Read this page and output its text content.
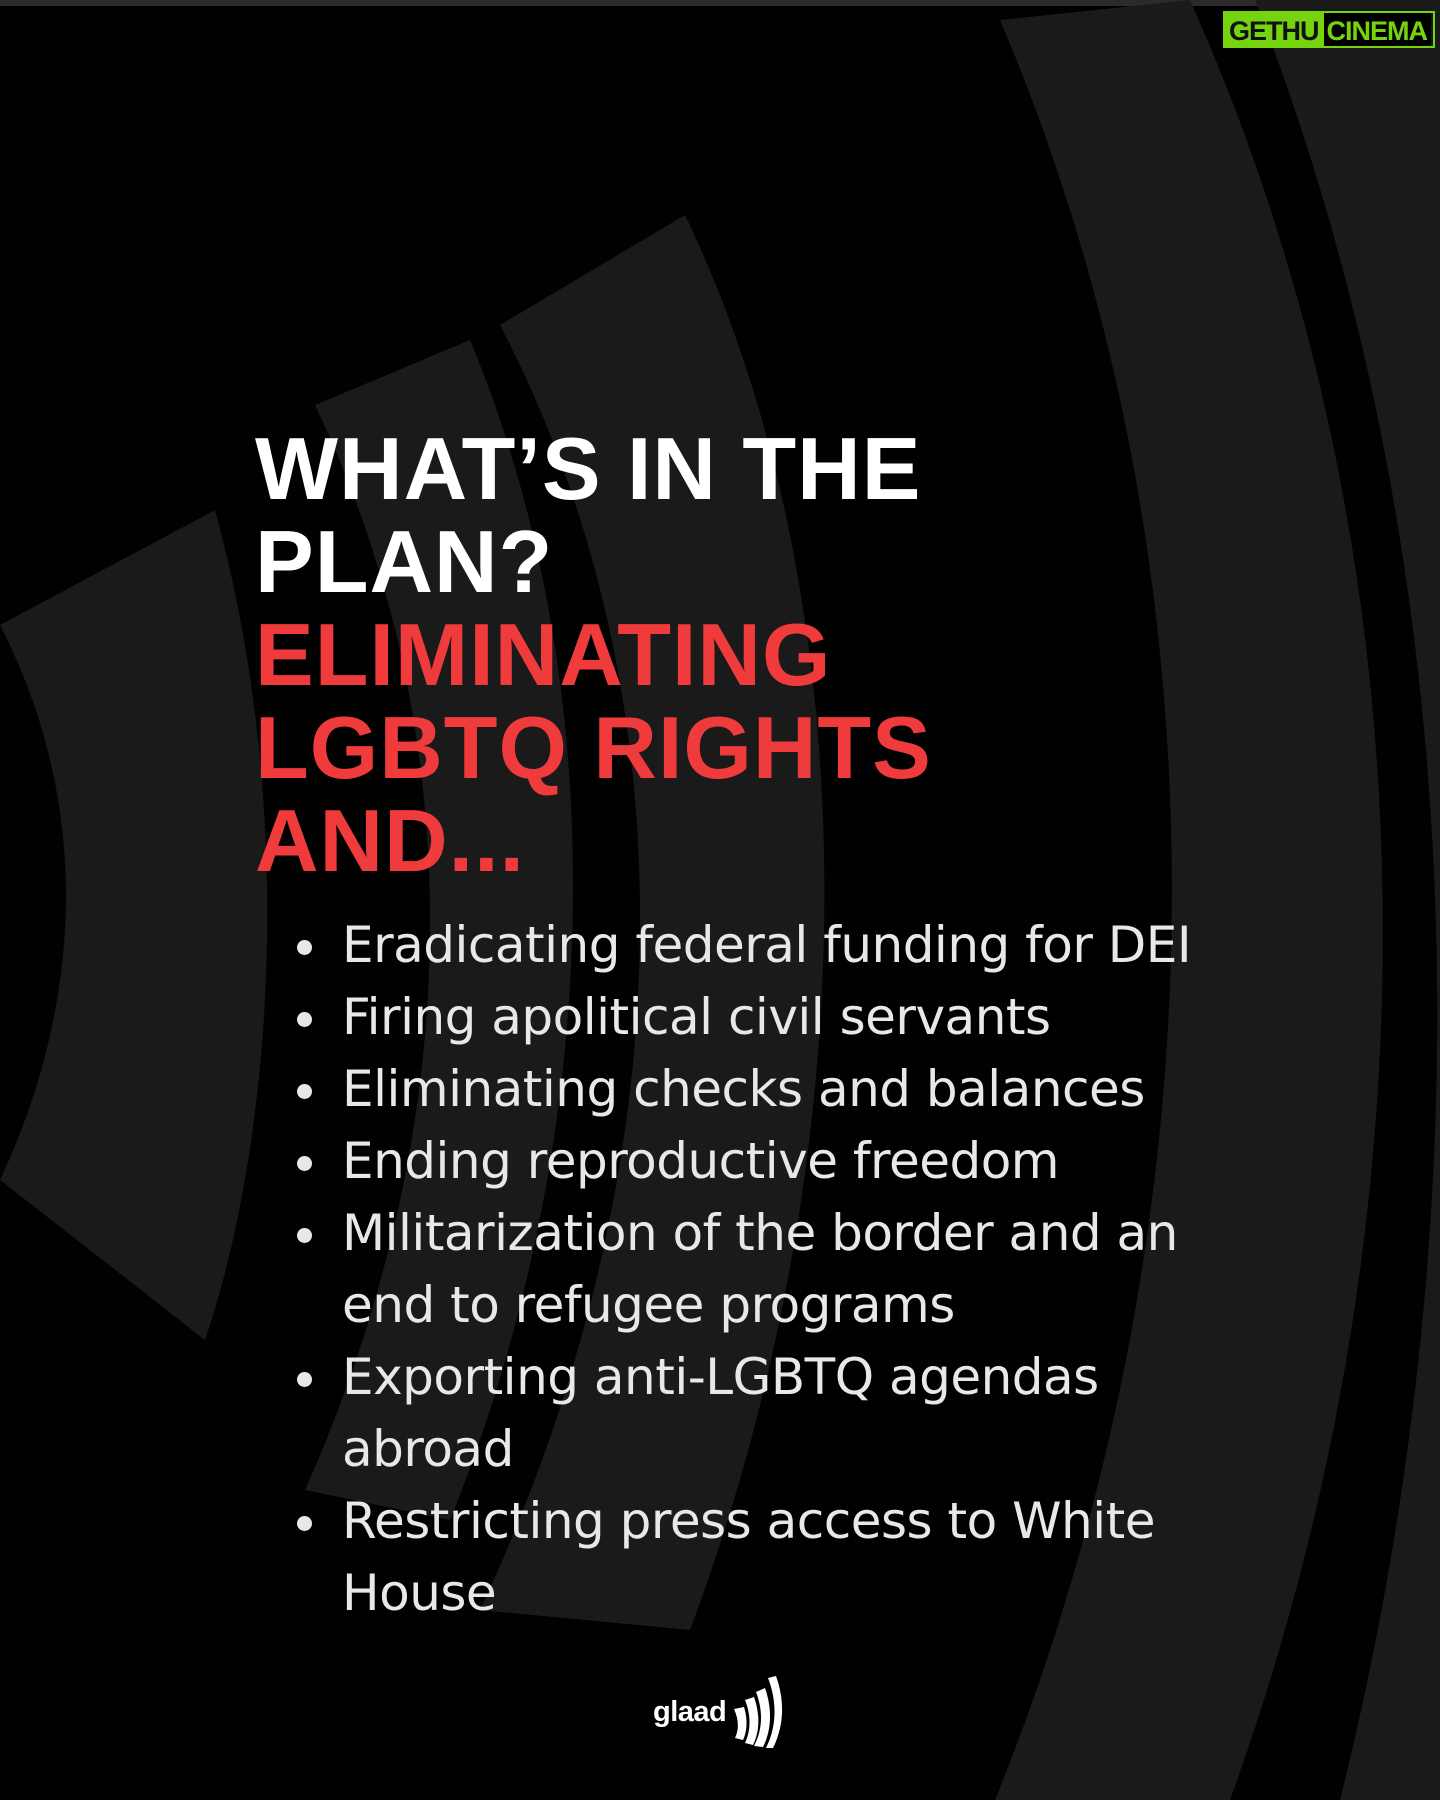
GETHU CINEMA
WHAT’S IN THE
PLAN?
ELIMINATING
LGBTQ RIGHTS
AND...
Eradicating federal funding for DEI
Firing apolitical civil servants
Eliminating checks and balances
Ending reproductive freedom
Militarization of the border and an end to refugee programs
Exporting anti-LGBTQ agendas abroad
Restricting press access to White House
glaad
